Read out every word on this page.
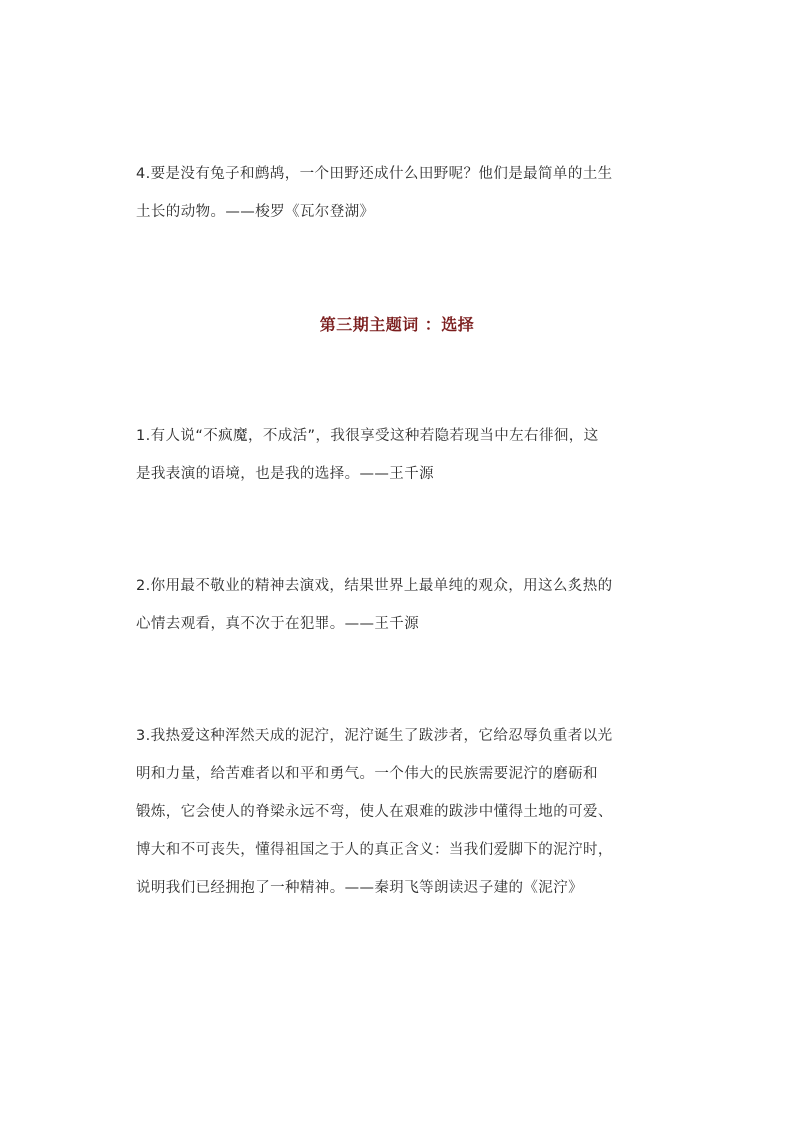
4.要是没有兔子和鹧鸪，一个田野还成什么田野呢？他们是最简单的土生
土长的动物。——梭罗《瓦尔登湖》

第三期主题词 ：选择

1.有人说“不疯魔，不成活”，我很享受这种若隐若现当中左右徘徊，这
是我表演的语境，也是我的选择。——王千源

2.你用最不敬业的精神去演戏，结果世界上最单纯的观众，用这么炙热的
心情去观看，真不次于在犯罪。——王千源

3.我热爱这种浑然天成的泥泞，泥泞诞生了跋涉者，它给忍辱负重者以光
明和力量，给苦难者以和平和勇气。一个伟大的民族需要泥泞的磨砺和
锻炼，它会使人的脊梁永远不弯，使人在艰难的跋涉中懂得土地的可爱、
博大和不可丧失，懂得祖国之于人的真正含义：当我们爱脚下的泥泞时，
说明我们已经拥抱了一种精神。——秦玥飞等朗读迟子建的《泥泞》
